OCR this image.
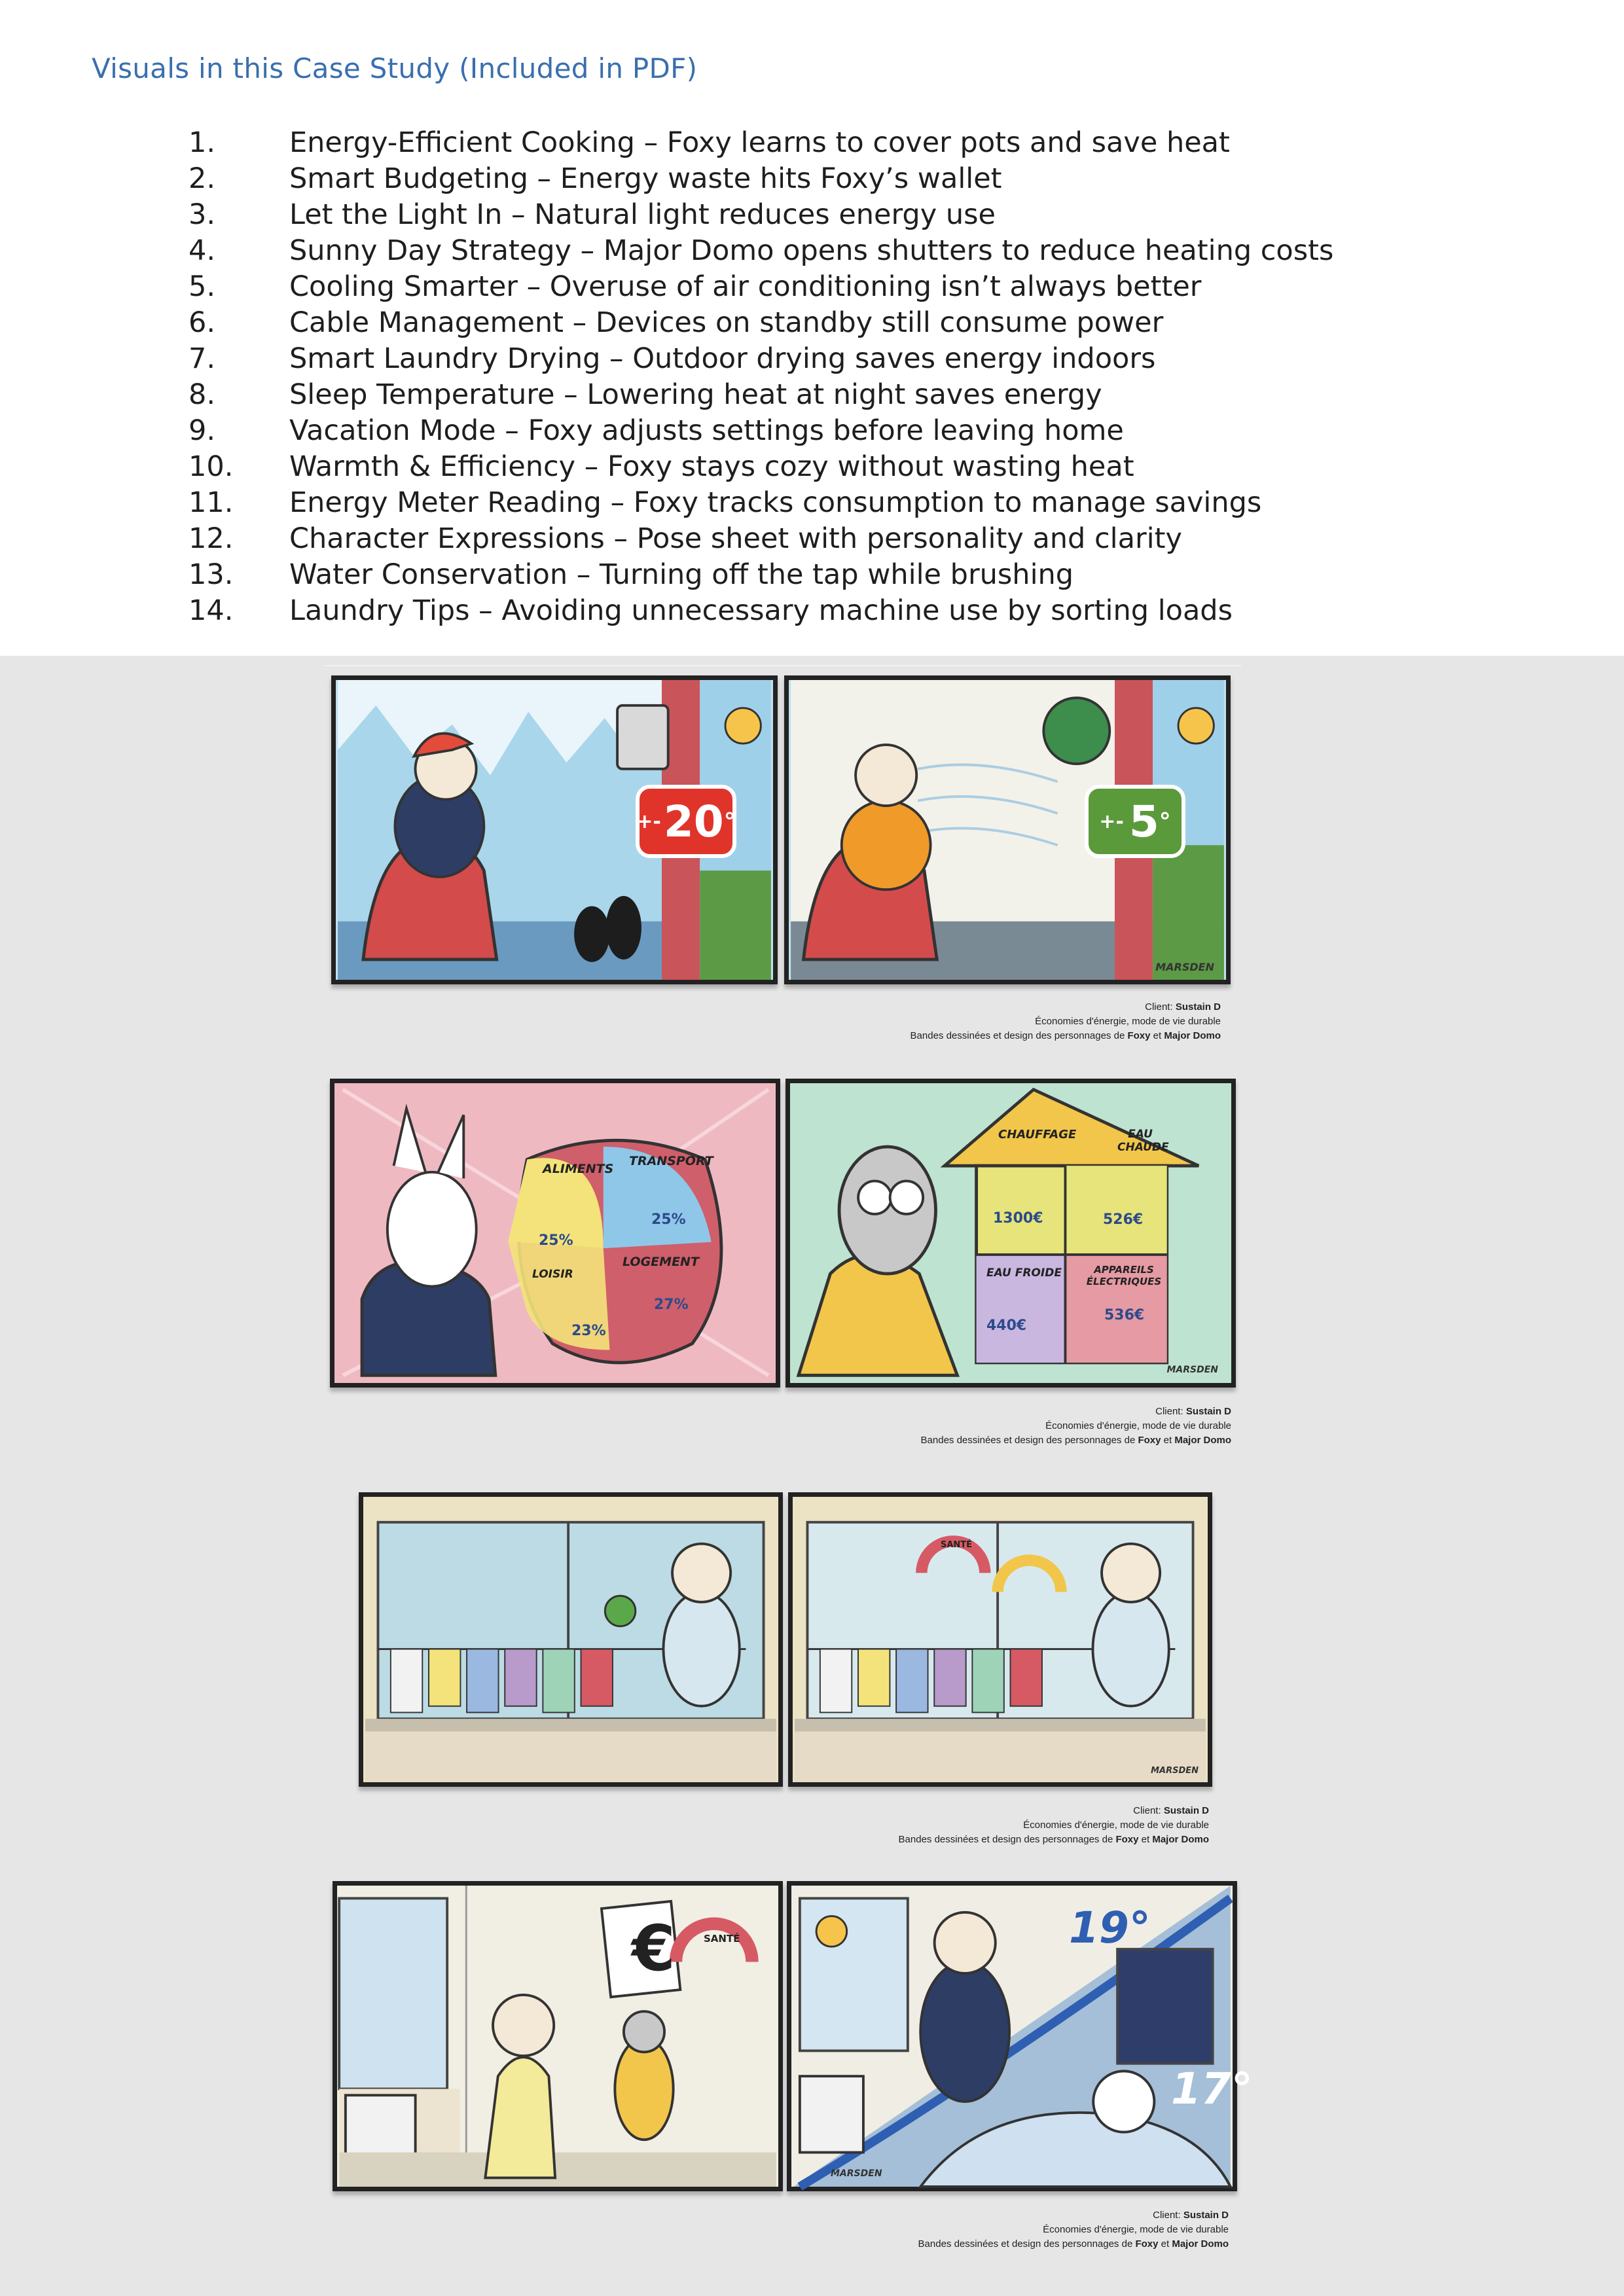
Visuals in this Case Study (Included in PDF)
1.	Energy-Efficient Cooking – Foxy learns to cover pots and save heat
2.	Smart Budgeting – Energy waste hits Foxy’s wallet
3.	Let the Light In – Natural light reduces energy use
4.	Sunny Day Strategy – Major Domo opens shutters to reduce heating costs
5.	Cooling Smarter – Overuse of air conditioning isn’t always better
6.	Cable Management – Devices on standby still consume power
7.	Smart Laundry Drying – Outdoor drying saves energy indoors
8.	Sleep Temperature – Lowering heat at night saves energy
9.	Vacation Mode – Foxy adjusts settings before leaving home
10.	Warmth & Efficiency – Foxy stays cozy without wasting heat
11.	Energy Meter Reading – Foxy tracks consumption to manage savings
12.	Character Expressions – Pose sheet with personality and clarity
13.	Water Conservation – Turning off the tap while brushing
14.	Laundry Tips – Avoiding unnecessary machine use by sorting loads
+- 20 °	+- 5 °
MARSDEN
Client: Sustain D
Économies d'énergie, mode de vie durable
Bandes dessinées et design des personnages de Foxy et Major Domo
ALIMENTS
TRANSPORT
LOISIR
LOGEMENT
25%
25%
23%
27%
CHAUFFAGE	EAU CHAUDE
EAU FROIDE	APPAREILS ÉLECTRIQUES
1300€	526€
440€
536€
MARSDEN
Client: Sustain D
Économies d'énergie, mode de vie durable
Bandes dessinées et design des personnages de Foxy et Major Domo
SANTÉ
MARSDEN
Client: Sustain D
Économies d'énergie, mode de vie durable
Bandes dessinées et design des personnages de Foxy et Major Domo
€	SANTÉ	19°
17°
MARSDEN
Client: Sustain D
Économies d'énergie, mode de vie durable
Bandes dessinées et design des personnages de Foxy et Major Domo
